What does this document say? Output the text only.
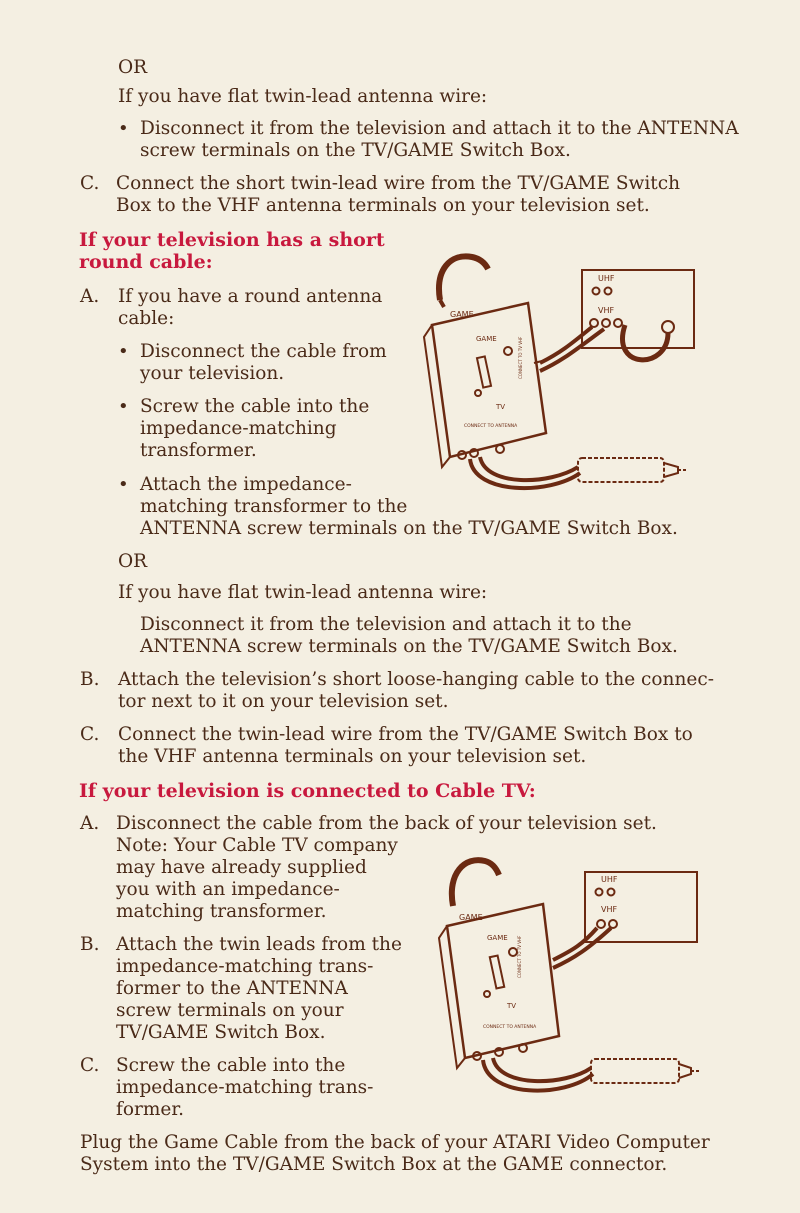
OR
If you have flat twin-lead antenna wire:
• Disconnect it from the television and attach it to the ANTENNA
screw terminals on the TV/GAME Switch Box.
C. Connect the short twin-lead wire from the TV/GAME Switch
Box to the VHF antenna terminals on your television set.
If your television has a short
round cable:
A. If you have a round antenna
cable:
• Disconnect the cable from
your television.
• Screw the cable into the
impedance-matching
transformer.
• Attach the impedance-
matching transformer to the
ANTENNA screw terminals on the TV/GAME Switch Box.
OR
If you have flat twin-lead antenna wire:
Disconnect it from the television and attach it to the
ANTENNA screw terminals on the TV/GAME Switch Box.
B. Attach the television’s short loose-hanging cable to the connec-
tor next to it on your television set.
C. Connect the twin-lead wire from the TV/GAME Switch Box to
the VHF antenna terminals on your television set.
If your television is connected to Cable TV:
A. Disconnect the cable from the back of your television set.
Note: Your Cable TV company
may have already supplied
you with an impedance-
matching transformer.
B. Attach the twin leads from the
impedance-matching trans-
former to the ANTENNA
screw terminals on your
TV/GAME Switch Box.
C. Screw the cable into the
impedance-matching trans-
former.
Plug the Game Cable from the back of your ATARI Video Computer
System into the TV/GAME Switch Box at the GAME connector.
UHF
VHF
GAME
GAME
TV
CONNECT TO ANTENNA
CONNECT TO TV VHF
UHF
VHF
GAME
GAME
TV
CONNECT TO ANTENNA
CONNECT TO TV VHF
